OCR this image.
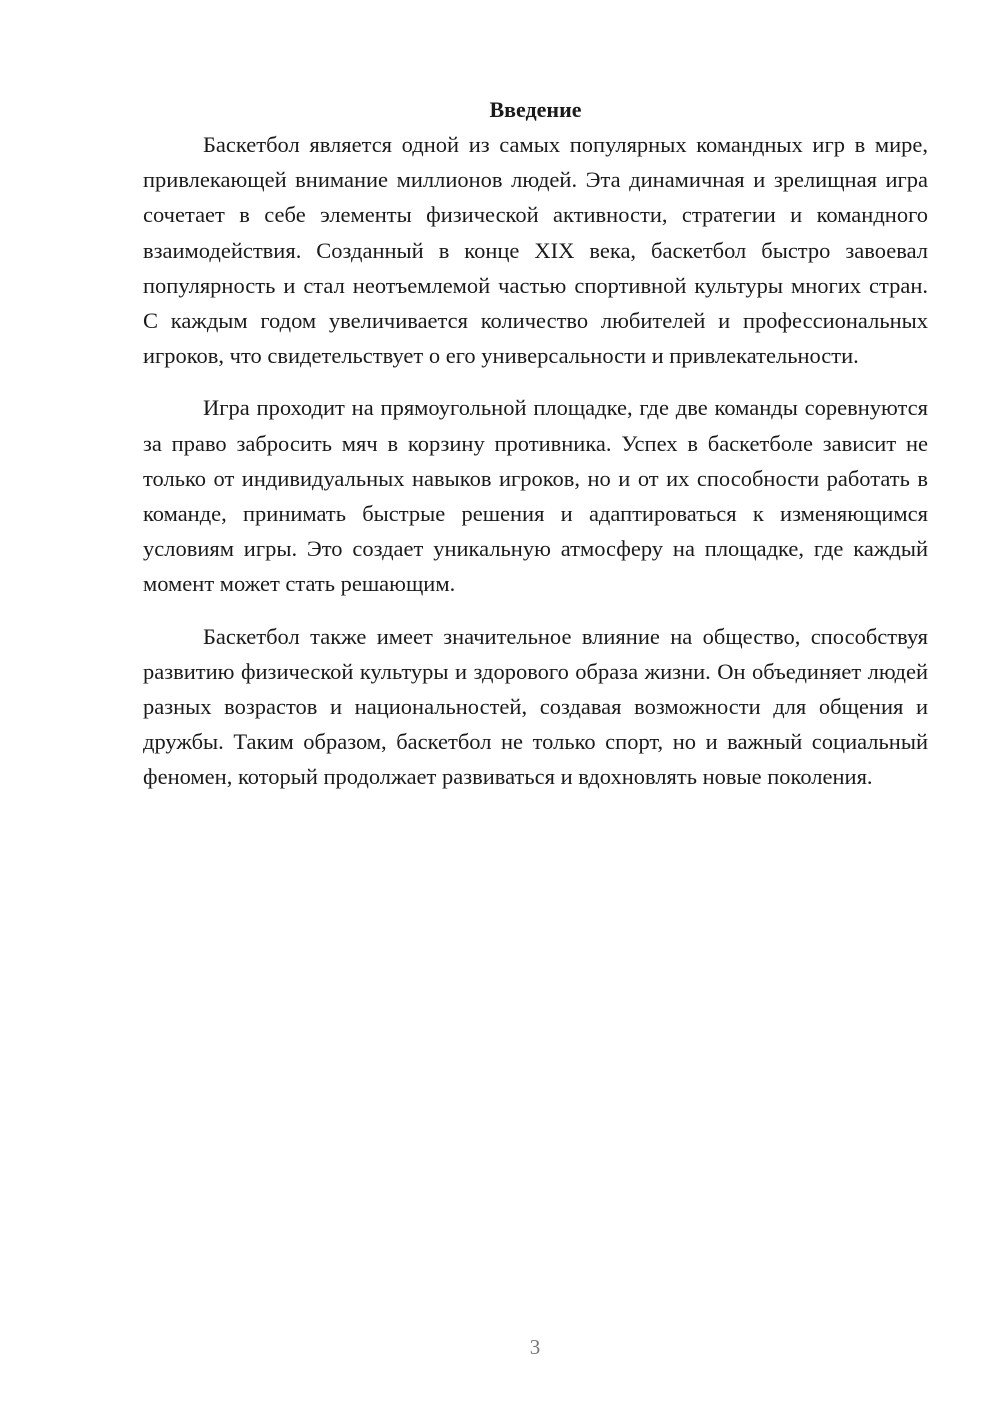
Введение

Баскетбол является одной из самых популярных командных игр в мире, привлекающей внимание миллионов людей. Эта динамичная и зрелищная игра сочетает в себе элементы физической активности, стратегии и командного взаимодействия. Созданный в конце XIX века, баскетбол быстро завоевал популярность и стал неотъемлемой частью спортивной культуры многих стран. С каждым годом увеличивается количество любителей и профессиональных игроков, что свидетельствует о его универсальности и привлекательности.

Игра проходит на прямоугольной площадке, где две команды соревнуются за право забросить мяч в корзину противника. Успех в баскетболе зависит не только от индивидуальных навыков игроков, но и от их способности работать в команде, принимать быстрые решения и адаптироваться к изменяющимся условиям игры. Это создает уникальную атмосферу на площадке, где каждый момент может стать решающим.

Баскетбол также имеет значительное влияние на общество, способствуя развитию физической культуры и здорового образа жизни. Он объединяет людей разных возрастов и национальностей, создавая возможности для общения и дружбы. Таким образом, баскетбол не только спорт, но и важный социальный феномен, который продолжает развиваться и вдохновлять новые поколения.

3
